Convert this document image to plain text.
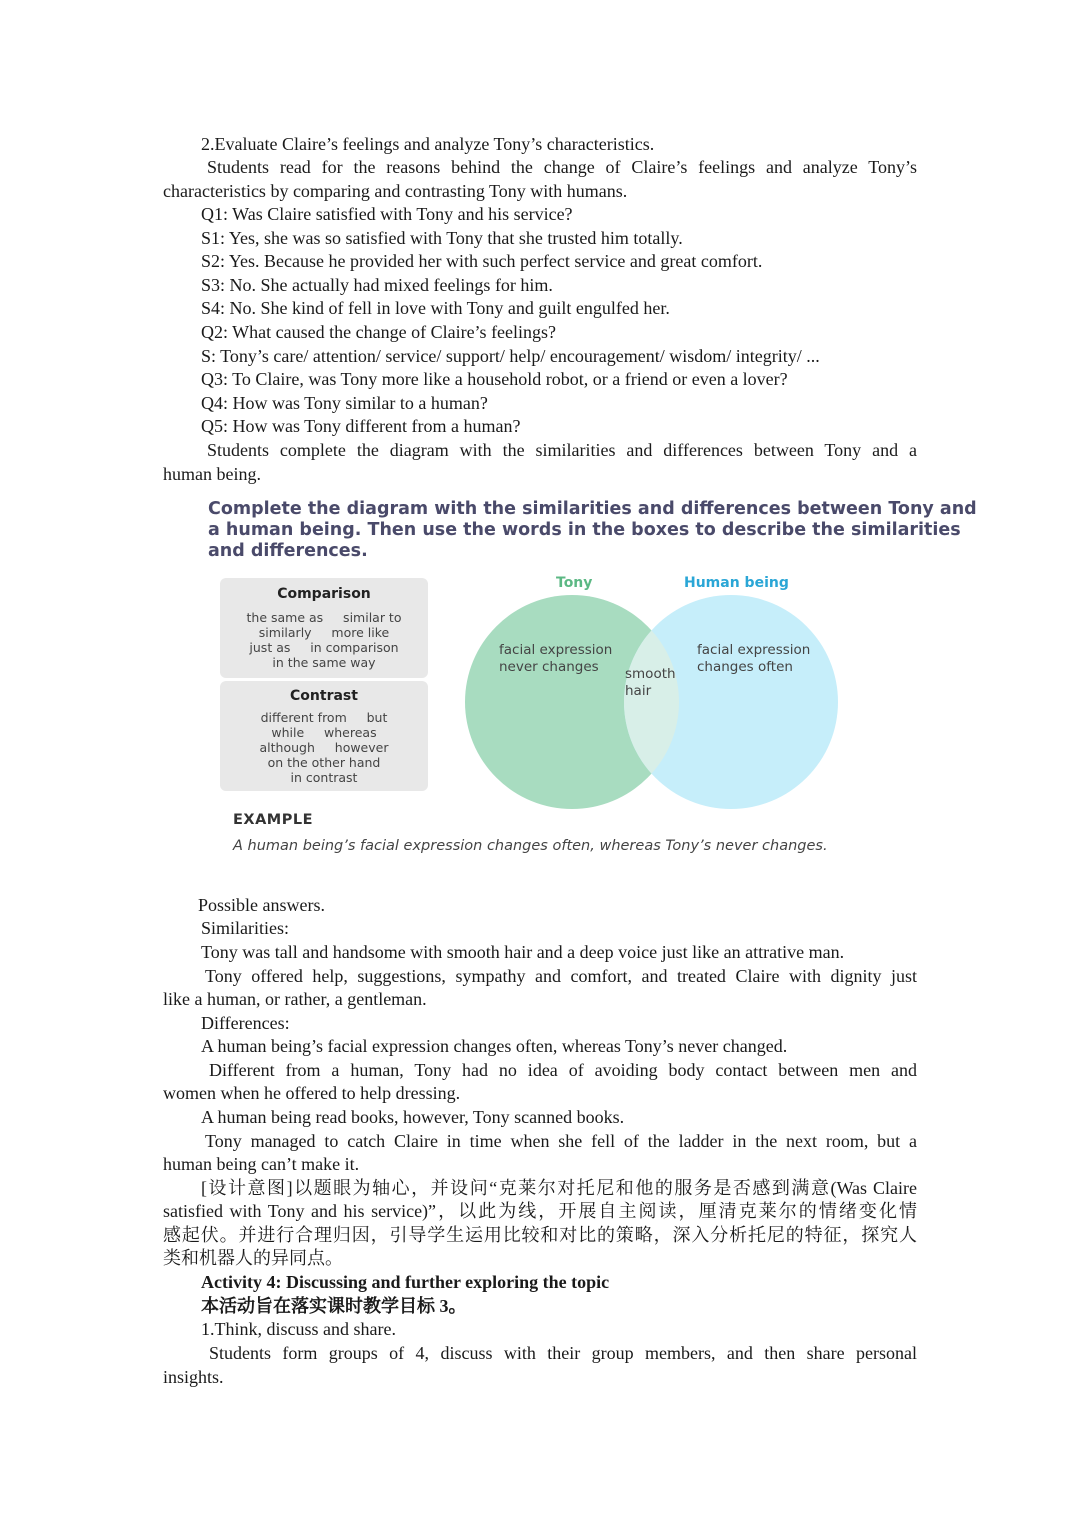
2.Evaluate Claire’s feelings and analyze Tony’s characteristics.
Students read for the reasons behind the change of Claire’s feelings and analyze Tony’s
characteristics by comparing and contrasting Tony with humans.
Q1: Was Claire satisfied with Tony and his service?
S1: Yes, she was so satisfied with Tony that she trusted him totally.
S2: Yes. Because he provided her with such perfect service and great comfort.
S3: No. She actually had mixed feelings for him.
S4: No. She kind of fell in love with Tony and guilt engulfed her.
Q2: What caused the change of Claire’s feelings?
S: Tony’s care/ attention/ service/ support/ help/ encouragement/ wisdom/ integrity/ ...
Q3: To Claire, was Tony more like a household robot, or a friend or even a lover?
Q4: How was Tony similar to a human?
Q5: How was Tony different from a human?
Students complete the diagram with the similarities and differences between Tony and a
human being.
Complete the diagram with the similarities and differences between Tony and
a human being. Then use the words in the boxes to describe the similarities
and differences.
Comparison
the same as     similar to
similarly     more like
just as     in comparison
in the same way
Contrast
different from     but
while     whereas
although     however
on the other hand
in contrast
Tony	Human being
facial expression
never changes smooth
hair
facial expression
changes often
EXAMPLE
A human being’s facial expression changes often, whereas Tony’s never changes.
Possible answers.
Similarities:
Tony was tall and handsome with smooth hair and a deep voice just like an attrative man.
Tony offered help, suggestions, sympathy and comfort, and treated Claire with dignity just
like a human, or rather, a gentleman.
Differences:
A human being’s facial expression changes often, whereas Tony’s never changed.
Different from a human, Tony had no idea of avoiding body contact between men and
women when he offered to help dressing.
A human being read books, however, Tony scanned books.
Tony managed to catch Claire in time when she fell of the ladder in the next room, but a
human being can’t make it.
[设计意图]以题眼为轴心，并设问“克莱尔对托尼和他的服务是否感到满意(Was Claire
satisfied with Tony and his service)”，以此为线，开展自主阅读，厘清克莱尔的情绪变化情
感起伏。并进行合理归因，引导学生运用比较和对比的策略，深入分析托尼的特征，探究人
类和机器人的异同点。
Activity 4: Discussing and further exploring the topic
本活动旨在落实课时教学目标 3。
1.Think, discuss and share.
Students form groups of 4, discuss with their group members, and then share personal
insights.
